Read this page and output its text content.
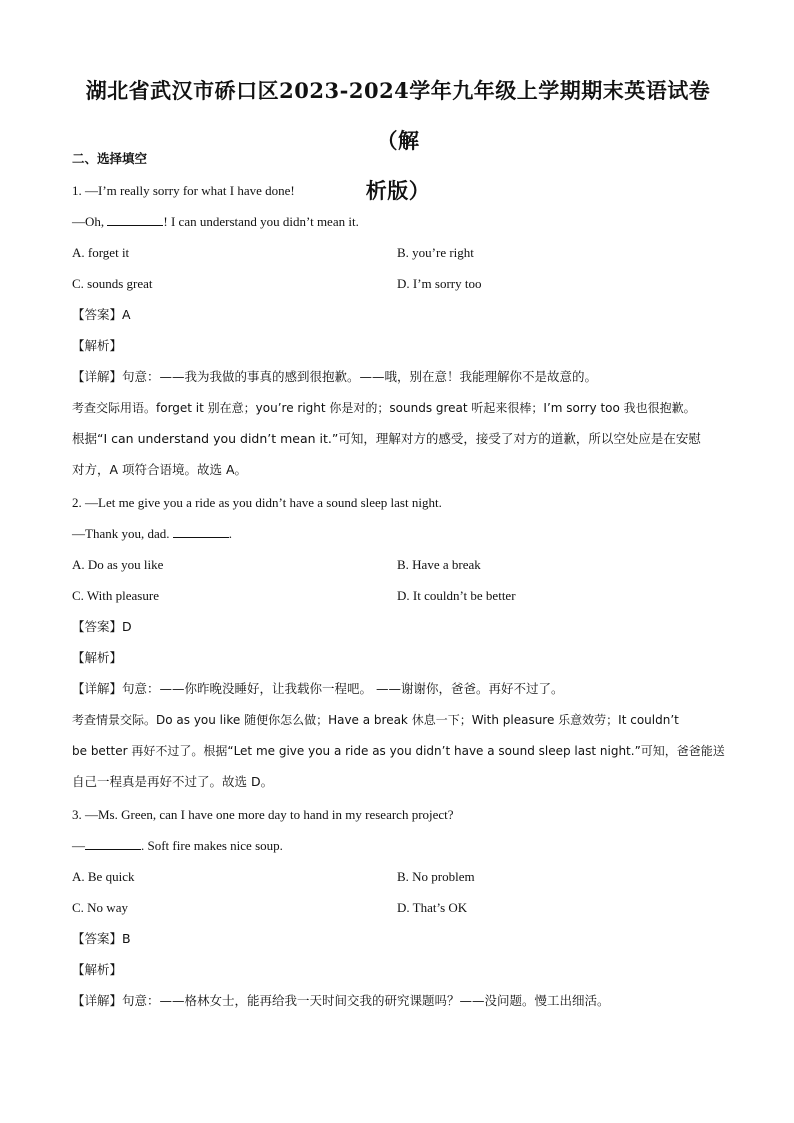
湖北省武汉市硚口区2023-2024学年九年级上学期期末英语试卷（解
析版）
二、选择填空
1. —I’m really sorry for what I have done!
—Oh,	! I can understand you didn’t mean it.
A. forget it	B. you’re right
C. sounds great	D. I’m sorry too
【答案】A
【解析】
【详解】句意：——我为我做的事真的感到很抱歉。——哦，别在意！我能理解你不是故意的。
考查交际用语。forget it 别在意；you’re right 你是对的；sounds great 听起来很棒；I’m sorry too 我也很抱歉。
根据“I can understand you didn’t mean it.”可知，理解对方的感受，接受了对方的道歉，所以空处应是在安慰
对方，A 项符合语境。故选 A。
2. —Let me give you a ride as you didn’t have a sound sleep last night.
—Thank you, dad.	.
A. Do as you like	B. Have a break
C. With pleasure	D. It couldn’t be better
【答案】D
【解析】
【详解】句意：——你昨晚没睡好，让我载你一程吧。 ——谢谢你，爸爸。再好不过了。
考查情景交际。Do as you like 随便你怎么做；Have a break 休息一下；With pleasure 乐意效劳；It couldn’t
be better 再好不过了。根据“Let me give you a ride as you didn’t have a sound sleep last night.”可知，爸爸能送
自己一程真是再好不过了。故选 D。
3. —Ms. Green, can I have one more day to hand in my research project?
—	. Soft fire makes nice soup.
A. Be quick	B. No problem
C. No way	D. That’s OK
【答案】B
【解析】
【详解】句意：——格林女士，能再给我一天时间交我的研究课题吗？——没问题。慢工出细活。
